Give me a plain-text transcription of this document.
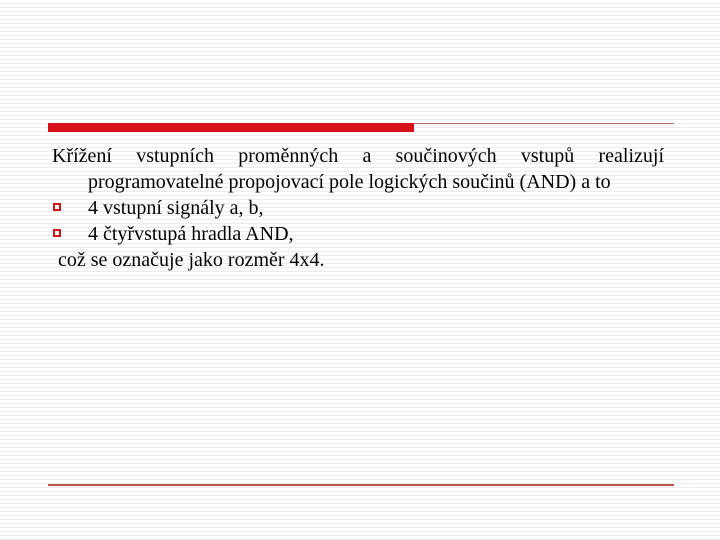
Křížení vstupních proměnných a součinových vstupů realizují

programovatelné propojovací pole logických součinů (AND) a to

4 vstupní signály a, b,
4 čtyřvstupá hradla AND,

což se označuje jako rozměr 4x4.
